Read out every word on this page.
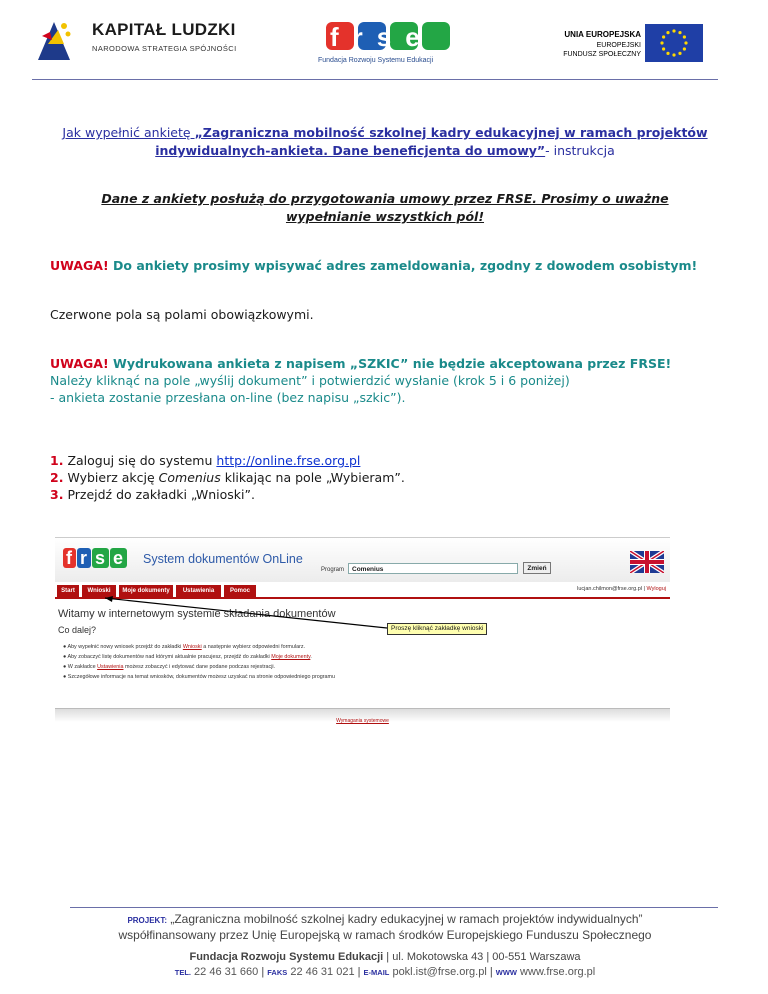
KAPITAŁ LUDZKI
NARODOWA STRATEGIA SPÓJNOŚCI	frse
Fundacja Rozwoju Systemu Edukacji
UNIA EUROPEJSKA
EUROPEJSKI
FUNDUSZ SPOŁECZNY
Jak wypełnić ankietę „Zagraniczna mobilność szkolnej kadry edukacyjnej w ramach projektów indywidualnych-ankieta. Dane beneficjenta do umowy”- instrukcja
Dane z ankiety posłużą do przygotowania umowy przez FRSE. Prosimy o uważne wypełnianie wszystkich pól!
UWAGA! Do ankiety prosimy wpisywać adres zameldowania, zgodny z dowodem osobistym!
Czerwone pola są polami obowiązkowymi.
UWAGA! Wydrukowana ankieta z napisem „SZKIC” nie będzie akceptowana przez FRSE!
Należy kliknąć na pole „wyślij dokument” i potwierdzić wysłanie (krok 5 i 6 poniżej)
- ankieta zostanie przesłana on-line (bez napisu „szkic”).
1. Zaloguj się do systemu http://online.frse.org.pl
2. Wybierz akcję Comenius klikając na pole „Wybieram”.
3. Przejdź do zakładki „Wnioski”.
f r s e	System dokumentów OnLine
Program	Comenius	Zmień
Start	Wnioski	Moje dokumenty	Ustawienia	Pomoc	lucjan.chilmon@frse.org.pl | Wyloguj
Witamy w internetowym systemie składania dokumentów
Co dalej?
● Aby wypełnić nowy wniosek przejdź do zakładki Wnioski a następnie wybierz odpowiedni formularz.
● Aby zobaczyć listę dokumentów nad którymi aktualnie pracujesz, przejdź do zakładki Moje dokumenty.
● W zakładce Ustawienia możesz zobaczyć i edytować dane podane podczas rejestracji.
● Szczegółowe informacje na temat wniosków, dokumentów możesz uzyskać na stronie odpowiedniego programu
Proszę kliknąć zakładkę wnioski
Wymagania systemowe
PROJEKT: „Zagraniczna mobilność szkolnej kadry edukacyjnej w ramach projektów indywidualnych”
współfinansowany przez Unię Europejską w ramach środków Europejskiego Funduszu Społecznego
Fundacja Rozwoju Systemu Edukacji | ul. Mokotowska 43 | 00-551 Warszawa
TEL. 22 46 31 660 | FAKS 22 46 31 021 | E-MAIL pokl.ist@frse.org.pl | WWW www.frse.org.pl
